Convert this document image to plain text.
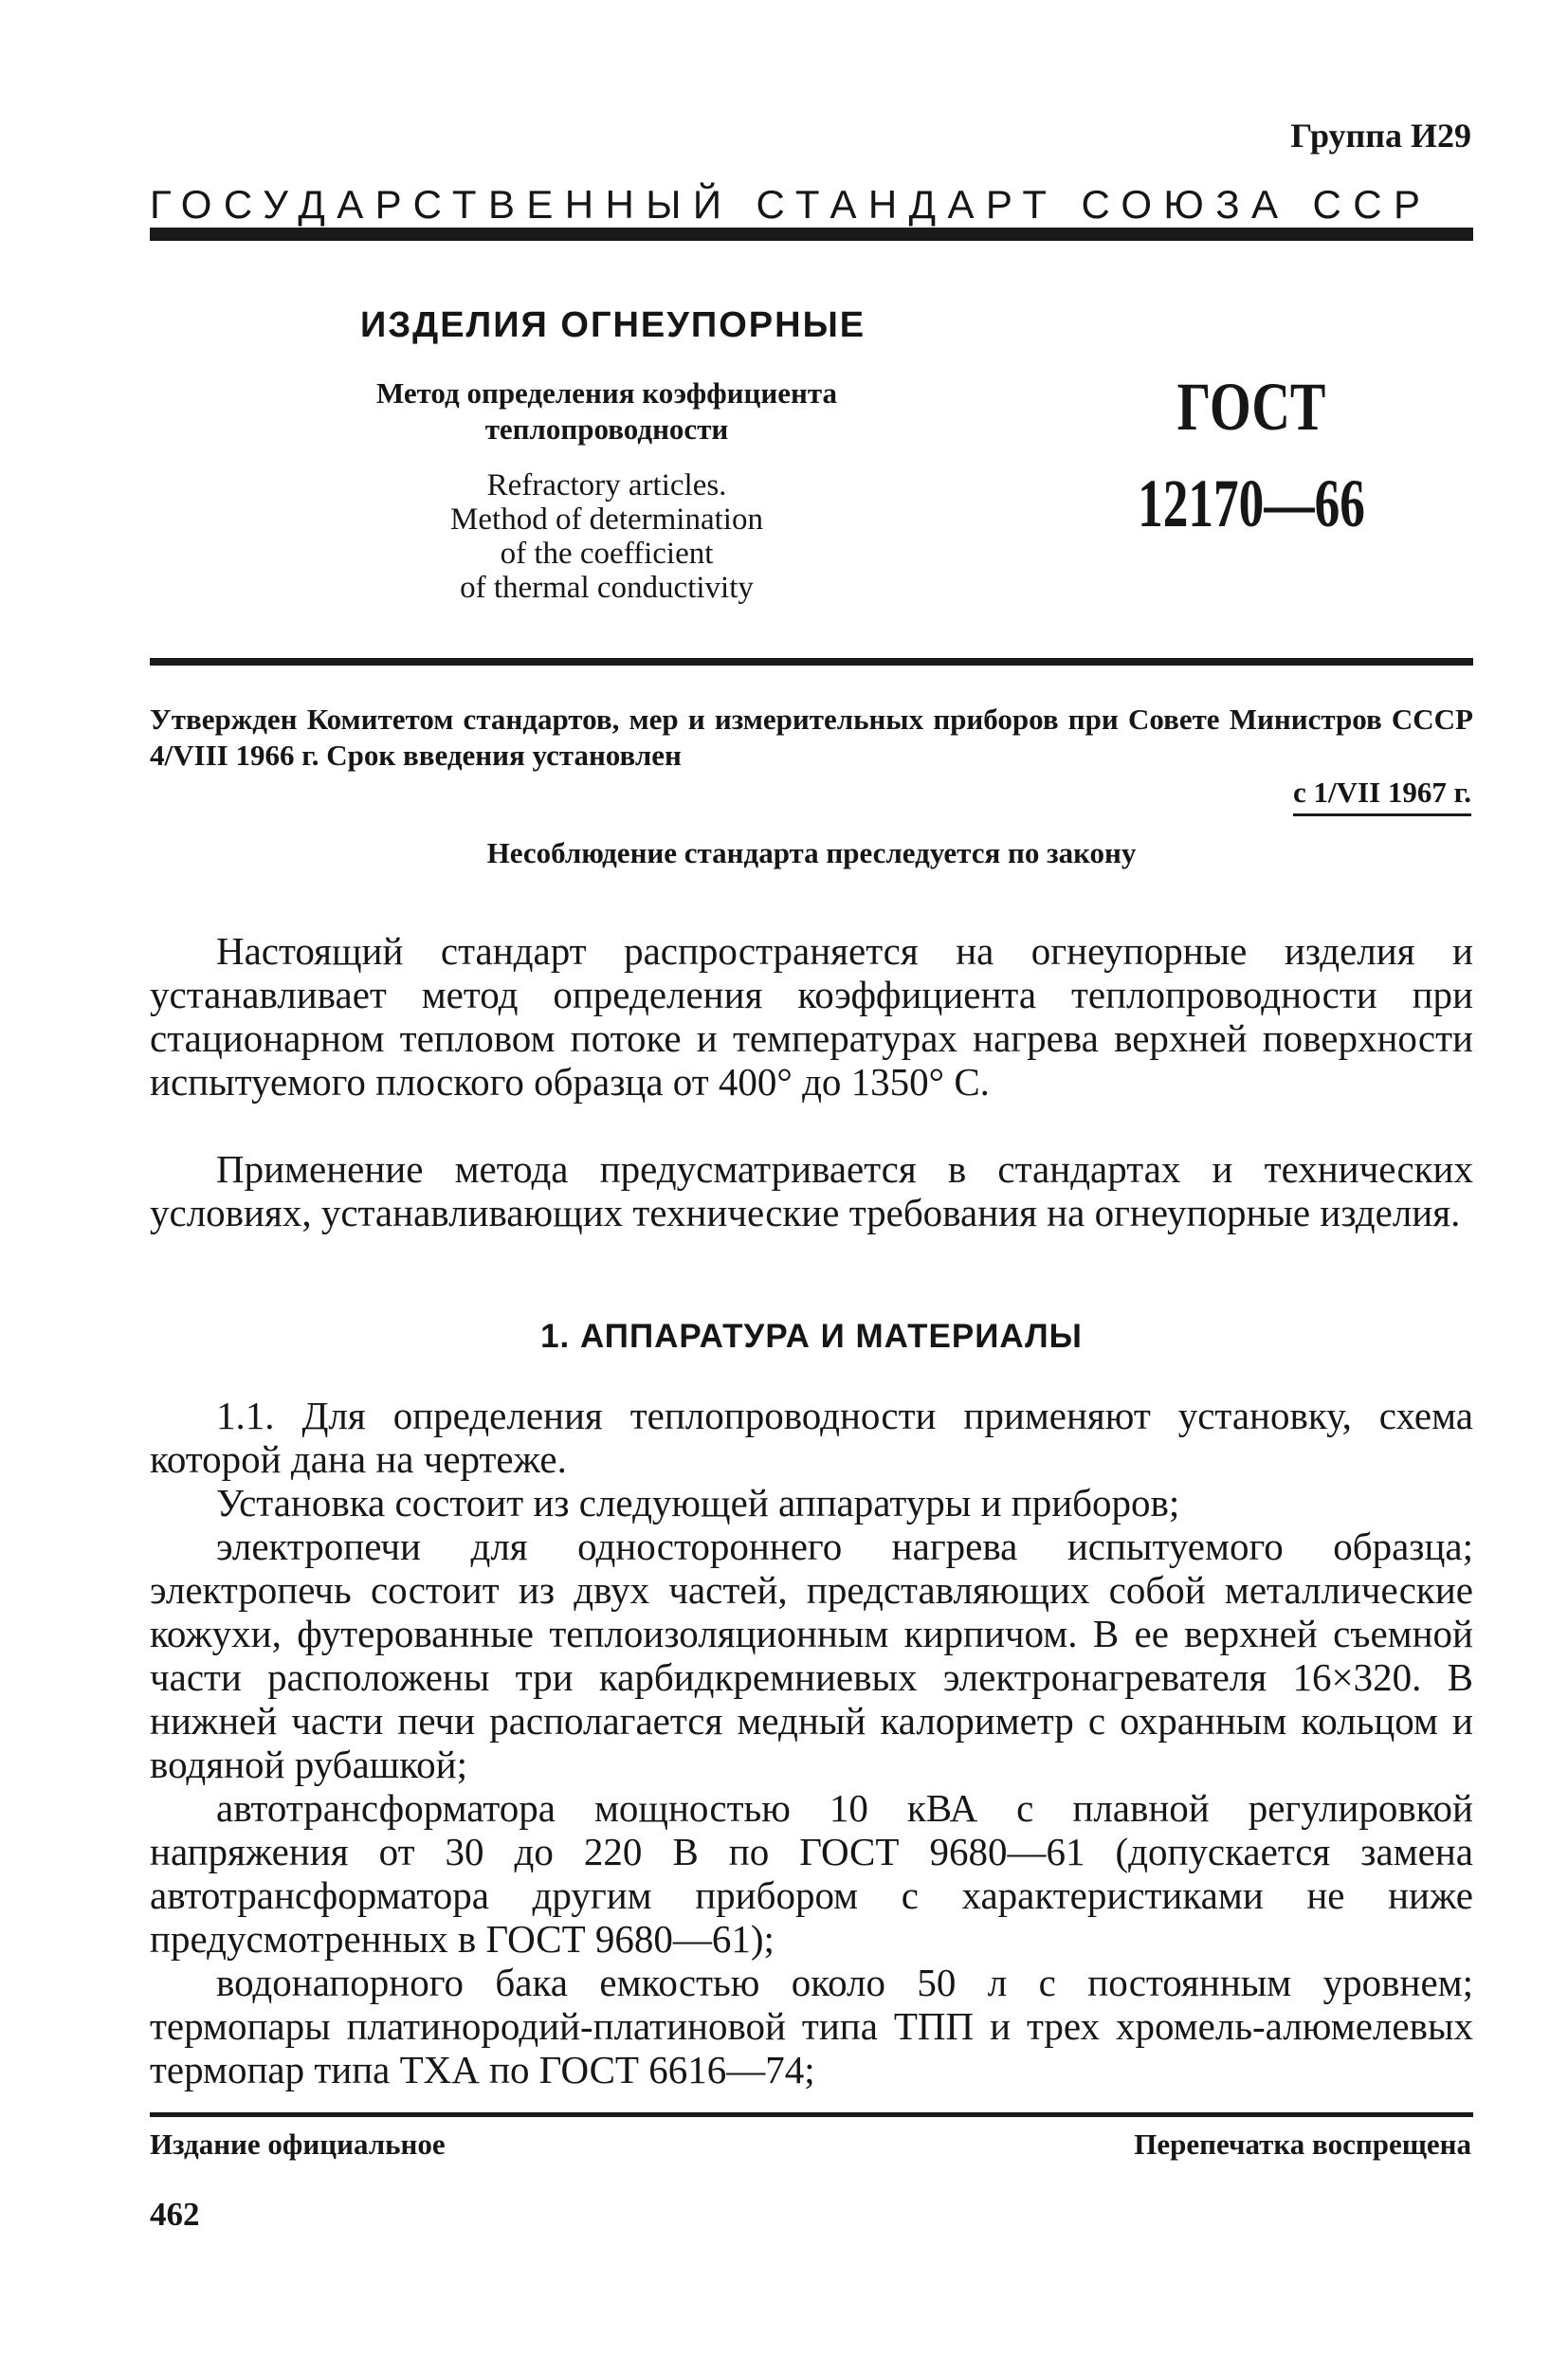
Группа И29
ГОСУДАРСТВЕННЫЙ СТАНДАРТ СОЮЗА ССР
ИЗДЕЛИЯ ОГНЕУПОРНЫЕ
Метод определения коэффициента
теплопроводности
Refractory articles.
Method of determination
of the coefficient
of thermal conductivity
ГОСТ
12170—66
Утвержден Комитетом стандартов, мер и измерительных приборов при Совете Министров СССР 4/VIII 1966 г. Срок введения установлен
с 1/VII 1967 г.
Несоблюдение стандарта преследуется по закону
Настоящий стандарт распространяется на огнеупорные изделия и устанавливает метод определения коэффициента теплопроводности при стационарном тепловом потоке и температурах нагрева верхней поверхности испытуемого плоского образца от 400° до 1350° С.
Применение метода предусматривается в стандартах и технических условиях, устанавливающих технические требования на огнеупорные изделия.
1. АППАРАТУРА И МАТЕРИАЛЫ
1.1. Для определения теплопроводности применяют установку, схема которой дана на чертеже.
Установка состоит из следующей аппаратуры и приборов;
электропечи для одностороннего нагрева испытуемого образца; электропечь состоит из двух частей, представляющих собой металлические кожухи, футерованные теплоизоляционным кирпичом. В ее верхней съемной части расположены три карбидкремниевых электронагревателя 16×320. В нижней части печи располагается медный калориметр с охранным кольцом и водяной рубашкой;
автотрансформатора мощностью 10 кВА с плавной регулировкой напряжения от 30 до 220 В по ГОСТ 9680—61 (допускается замена автотрансформатора другим прибором с характеристиками не ниже предусмотренных в ГОСТ 9680—61);
водонапорного бака емкостью около 50 л с постоянным уровнем; термопары платинородий-платиновой типа ТПП и трех хромель-алюмелевых термопар типа ТХА по ГОСТ 6616—74;
Издание официальное	Перепечатка воспрещена
462
